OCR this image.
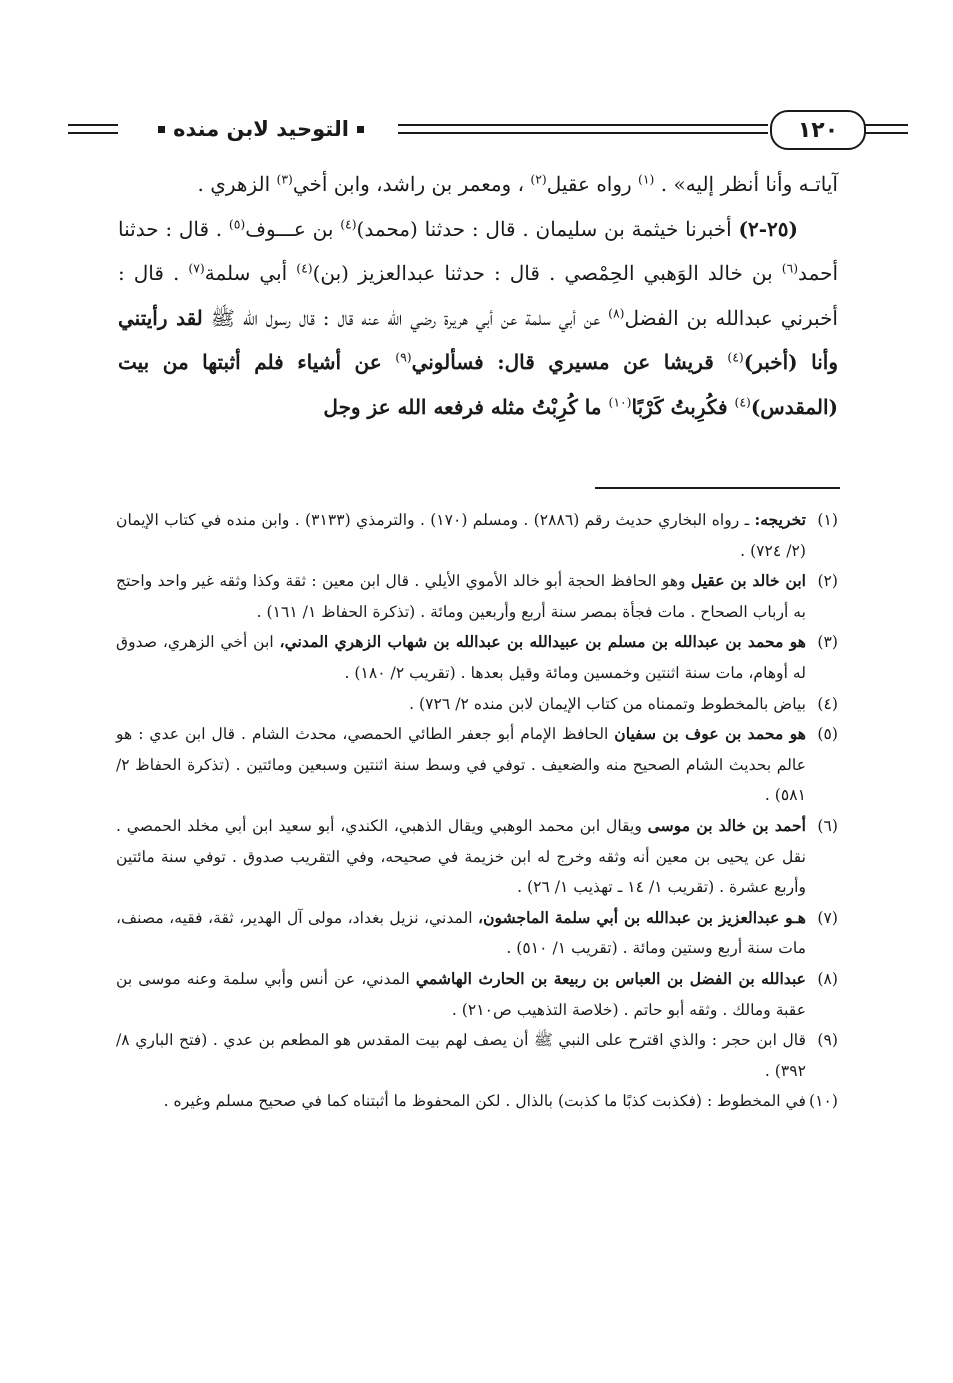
التوحيد لابن منده	١٢٠

آياتـه وأنا أنظر إليه» . $^{(١)}$ رواه عقيل$^{(٢)}$ ، ومعمر بن راشد، وابن أخي$^{(٣)}$ الزهري .

  (٢٥-٢) أخبرنا خيثمة بن سليمان . قال : حدثنا (محمد)$^{(٤)}$ بن عـــوف$^{(٥)}$ . قال : حدثنا أحمد$^{(٦)}$ بن خالد الوَهبي الحِمْصي . قال : حدثنا عبدالعزيز (بن)$^{(٤)}$ أبي سلمة$^{(٧)}$ . قال : أخبرني عبدالله بن الفضل$^{(٨)}$ عن أبي سلمة عن أبي هريرة رضي الله عنه قال : قال رسول الله ﷺ لقد رأيتني وأنا (أخبر)$^{(٤)}$ قريشا عن مسيري قال: فسألوني$^{(٩)}$ عن أشياء فلم أثبتها من بيت (المقدس)$^{(٤)}$ فكُرِبتُ كَرْبًا$^{(١٠)}$ ما كُرِبْتُ مثله فرفعه الله عز وجل

(١)تخريجه: ـ رواه البخاري حديث رقم (٢٨٨٦) . ومسلم (١٧٠) . والترمذي (٣١٣٣) . وابن منده في كتاب الإيمان (٢/ ٧٢٤) .

(٢)ابن خالد بن عقيل وهو الحافظ الحجة أبو خالد الأموي الأيلي . قال ابن معين : ثقة وكذا وثقه غير واحد واحتج به أرباب الصحاح . مات فجأة بمصر سنة أربع وأربعين ومائة . (تذكرة الحفاظ ١/ ١٦١) .

(٣)هو محمد بن عبدالله بن مسلم بن عبيدالله بن عبدالله بن شهاب الزهري المدني، ابن أخي الزهري، صدوق له أوهام، مات سنة اثنتين وخمسين ومائة وقيل بعدها . (تقريب ٢/ ١٨٠) .

(٤)بياض بالمخطوط وتممناه من كتاب الإيمان لابن منده ٢/ ٧٢٦) .

(٥)هو محمد بن عوف بن سفيان الحافظ الإمام أبو جعفر الطائي الحمصي، محدث الشام . قال ابن عدي : هو عالم بحديث الشام الصحيح منه والضعيف . توفي في وسط سنة اثنتين وسبعين ومائتين . (تذكرة الحفاظ ٢/ ٥٨١) .

(٦)أحمد بن خالد بن موسى ويقال ابن محمد الوهبي ويقال الذهبي، الكندي، أبو سعيد ابن أبي مخلد الحمصي . نقل عن يحيى بن معين أنه وثقه وخرج له ابن خزيمة في صحيحه، وفي التقريب صدوق . توفي سنة مائتين وأربع عشرة . (تقريب ١/ ١٤ ـ تهذيب ١/ ٢٦) .

(٧)هـو عبدالعزيز بن عبدالله بن أبي سلمة الماجشون، المدني، نزيل بغداد، مولى آل الهدير، ثقة، فقيه، مصنف، مات سنة أربع وستين ومائة . (تقريب ١/ ٥١٠) .

(٨)عبدالله بن الفضل بن العباس بن ربيعة بن الحارث الهاشمي المدني، عن أنس وأبي سلمة وعنه موسى بن عقبة ومالك . وثقه أبو حاتم . (خلاصة التذهيب ص٢١٠) .

(٩)قال ابن حجر : والذي اقترح على النبي ﷺ أن يصف لهم بيت المقدس هو المطعم بن عدي . (فتح الباري ٨/ ٣٩٢) .

(١٠)في المخطوط : (فكذبت كذبًا ما كذبت) بالذال . لكن المحفوظ ما أثبتناه كما في صحيح مسلم وغيره .
